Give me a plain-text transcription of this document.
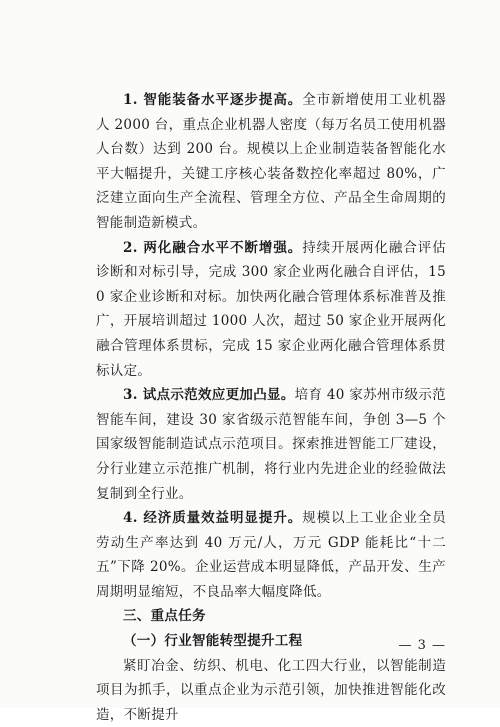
1. 智能装备水平逐步提高。全市新增使用工业机器人 2000 台，重点企业机器人密度（每万名员工使用机器人台数）达到 200 台。规模以上企业制造装备智能化水平大幅提升，关键工序核心装备数控化率超过 80%，广泛建立面向生产全流程、管理全方位、产品全生命周期的智能制造新模式。

2. 两化融合水平不断增强。持续开展两化融合评估诊断和对标引导，完成 300 家企业两化融合自评估，150 家企业诊断和对标。加快两化融合管理体系标准普及推广，开展培训超过 1000 人次，超过 50 家企业开展两化融合管理体系贯标，完成 15 家企业两化融合管理体系贯标认定。

3. 试点示范效应更加凸显。培育 40 家苏州市级示范智能车间，建设 30 家省级示范智能车间，争创 3—5 个国家级智能制造试点示范项目。探索推进智能工厂建设，分行业建立示范推广机制，将行业内先进企业的经验做法复制到全行业。

4. 经济质量效益明显提升。规模以上工业企业全员劳动生产率达到 40 万元/人，万元 GDP 能耗比“十二五”下降 20%。企业运营成本明显降低，产品开发、生产周期明显缩短，不良品率大幅度降低。

三、重点任务

（一）行业智能转型提升工程

紧盯冶金、纺织、机电、化工四大行业，以智能制造项目为抓手，以重点企业为示范引领，加快推进智能化改造，不断提升

— 3 —
